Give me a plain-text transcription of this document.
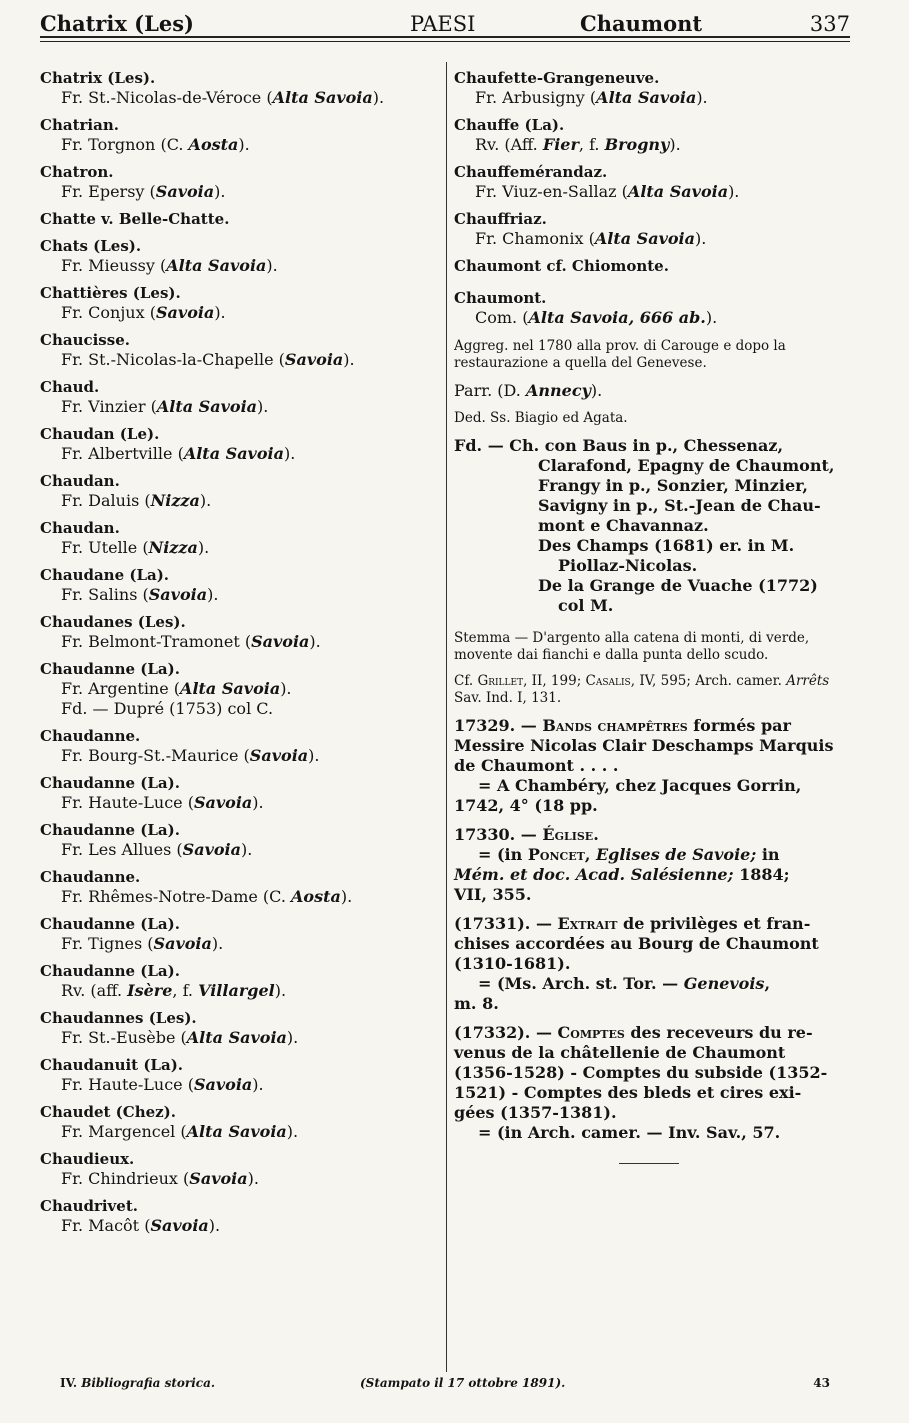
Chatrix (Les)	PAESI	Chaumont	337
Chatrix (Les).
Fr. St.-Nicolas-de-Véroce (Alta Savoia).
Chatrian.
Fr. Torgnon (C. Aosta).
Chatron.
Fr. Epersy (Savoia).
Chatte v. Belle-Chatte.
Chats (Les).
Fr. Mieussy (Alta Savoia).
Chattières (Les).
Fr. Conjux (Savoia).
Chaucisse.
Fr. St.-Nicolas-la-Chapelle (Savoia).
Chaud.
Fr. Vinzier (Alta Savoia).
Chaudan (Le).
Fr. Albertville (Alta Savoia).
Chaudan.
Fr. Daluis (Nizza).
Chaudan.
Fr. Utelle (Nizza).
Chaudane (La).
Fr. Salins (Savoia).
Chaudanes (Les).
Fr. Belmont-Tramonet (Savoia).
Chaudanne (La).
Fr. Argentine (Alta Savoia).
Fd. — Dupré (1753) col C.
Chaudanne.
Fr. Bourg-St.-Maurice (Savoia).
Chaudanne (La).
Fr. Haute-Luce (Savoia).
Chaudanne (La).
Fr. Les Allues (Savoia).
Chaudanne.
Fr. Rhêmes-Notre-Dame (C. Aosta).
Chaudanne (La).
Fr. Tignes (Savoia).
Chaudanne (La).
Rv. (aff. Isère, f. Villargel).
Chaudannes (Les).
Fr. St.-Eusèbe (Alta Savoia).
Chaudanuit (La).
Fr. Haute-Luce (Savoia).
Chaudet (Chez).
Fr. Margencel (Alta Savoia).
Chaudieux.
Fr. Chindrieux (Savoia).
Chaudrivet.
Fr. Macôt (Savoia).
Chaufette-Grangeneuve.
Fr. Arbusigny (Alta Savoia).
Chauffe (La).
Rv. (Aff. Fier, f. Brogny).
Chauffemérandaz.
Fr. Viuz-en-Sallaz (Alta Savoia).
Chauffriaz.
Fr. Chamonix (Alta Savoia).
Chaumont cf. Chiomonte.
Chaumont.
Com. (Alta Savoia, 666 ab.).
Aggreg. nel 1780 alla prov. di Carouge e dopo la restaurazione a quella del Genevese.
Parr. (D. Annecy).
Ded. Ss. Biagio ed Agata.
Fd. — Ch. con Baus in p., Chessenaz,
Clarafond, Epagny de Chaumont,
Frangy in p., Sonzier, Minzier,
Savigny in p., St.-Jean de Chau-
mont e Chavannaz.
Des Champs (1681) er. in M.
Piollaz-Nicolas.
De la Grange de Vuache (1772)
col M.
Stemma — D'argento alla catena di monti, di verde, movente dai fianchi e dalla punta dello scudo.
Cf. Grillet, II, 199; Casalis, IV, 595; Arch. camer. Arrêts Sav. Ind. I, 131.
17329. — Bands champêtres formés par
Messire Nicolas Clair Deschamps Marquis
de Chaumont . . . .
= A Chambéry, chez Jacques Gorrin,
1742, 4° (18 pp.
17330. — Église.
= (in Poncet, Eglises de Savoie; in
Mém. et doc. Acad. Salésienne; 1884;
VII, 355.
(17331). — Extrait de privilèges et fran-
chises accordées au Bourg de Chaumont
(1310-1681).
= (Ms. Arch. st. Tor. — Genevois,
m. 8.
(17332). — Comptes des receveurs du re-
venus de la châtellenie de Chaumont
(1356-1528) - Comptes du subside (1352-
1521) - Comptes des bleds et cires exi-
gées (1357-1381).
= (in Arch. camer. — Inv. Sav., 57.
IV. Bibliografia storica.	(Stampato il 17 ottobre 1891).	43
